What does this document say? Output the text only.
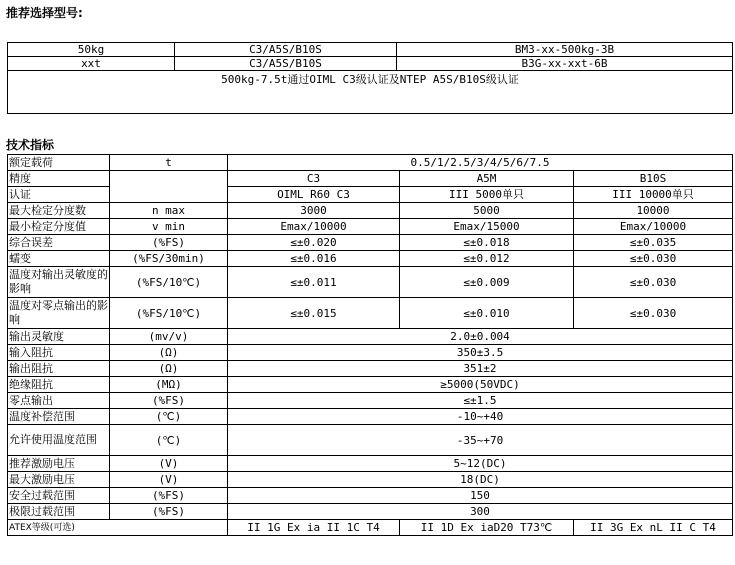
推荐选择型号:
50kg	C3/A5S/B10S	BM3-xx-500kg-3B
xxt	C3/A5S/B10S	B3G-xx-xxt-6B
500kg-7.5t通过OIML C3级认证及NTEP A5S/B10S级认证		
技术指标
额定载荷	t	0.5/1/2.5/3/4/5/6/7.5		
精度		C3	A5M	B10S
认证		OIML R60 C3	III 5000单只	III 10000单只
最大检定分度数	n max	3000	5000	10000
最小检定分度值	v min	Emax/10000	Emax/15000	Emax/10000
综合误差	(%FS)	≤±0.020	≤±0.018	≤±0.035
蠕变	(%FS/30min)	≤±0.016	≤±0.012	≤±0.030
温度对输出灵敏度的影响	(%FS/10℃)	≤±0.011	≤±0.009	≤±0.030
温度对零点输出的影响	(%FS/10℃)	≤±0.015	≤±0.010	≤±0.030
输出灵敏度	(mv/v)	2.0±0.004		
输入阻抗	(Ω)	350±3.5		
输出阻抗	(Ω)	351±2		
绝缘阻抗	(MΩ)	≥5000(50VDC)		
零点输出	(%FS)	≤±1.5		
温度补偿范围	(℃)	-10~+40		
允许使用温度范围	(℃)	-35~+70		
推荐激励电压	(V)	5~12(DC)		
最大激励电压	(V)	18(DC)		
安全过载范围	(%FS)	150		
极限过载范围	(%FS)	300		
ATEX等级(可选)		II 1G Ex ia II 1C T4	II 1D Ex iaD20 T73℃	II 3G Ex nL II C T4
